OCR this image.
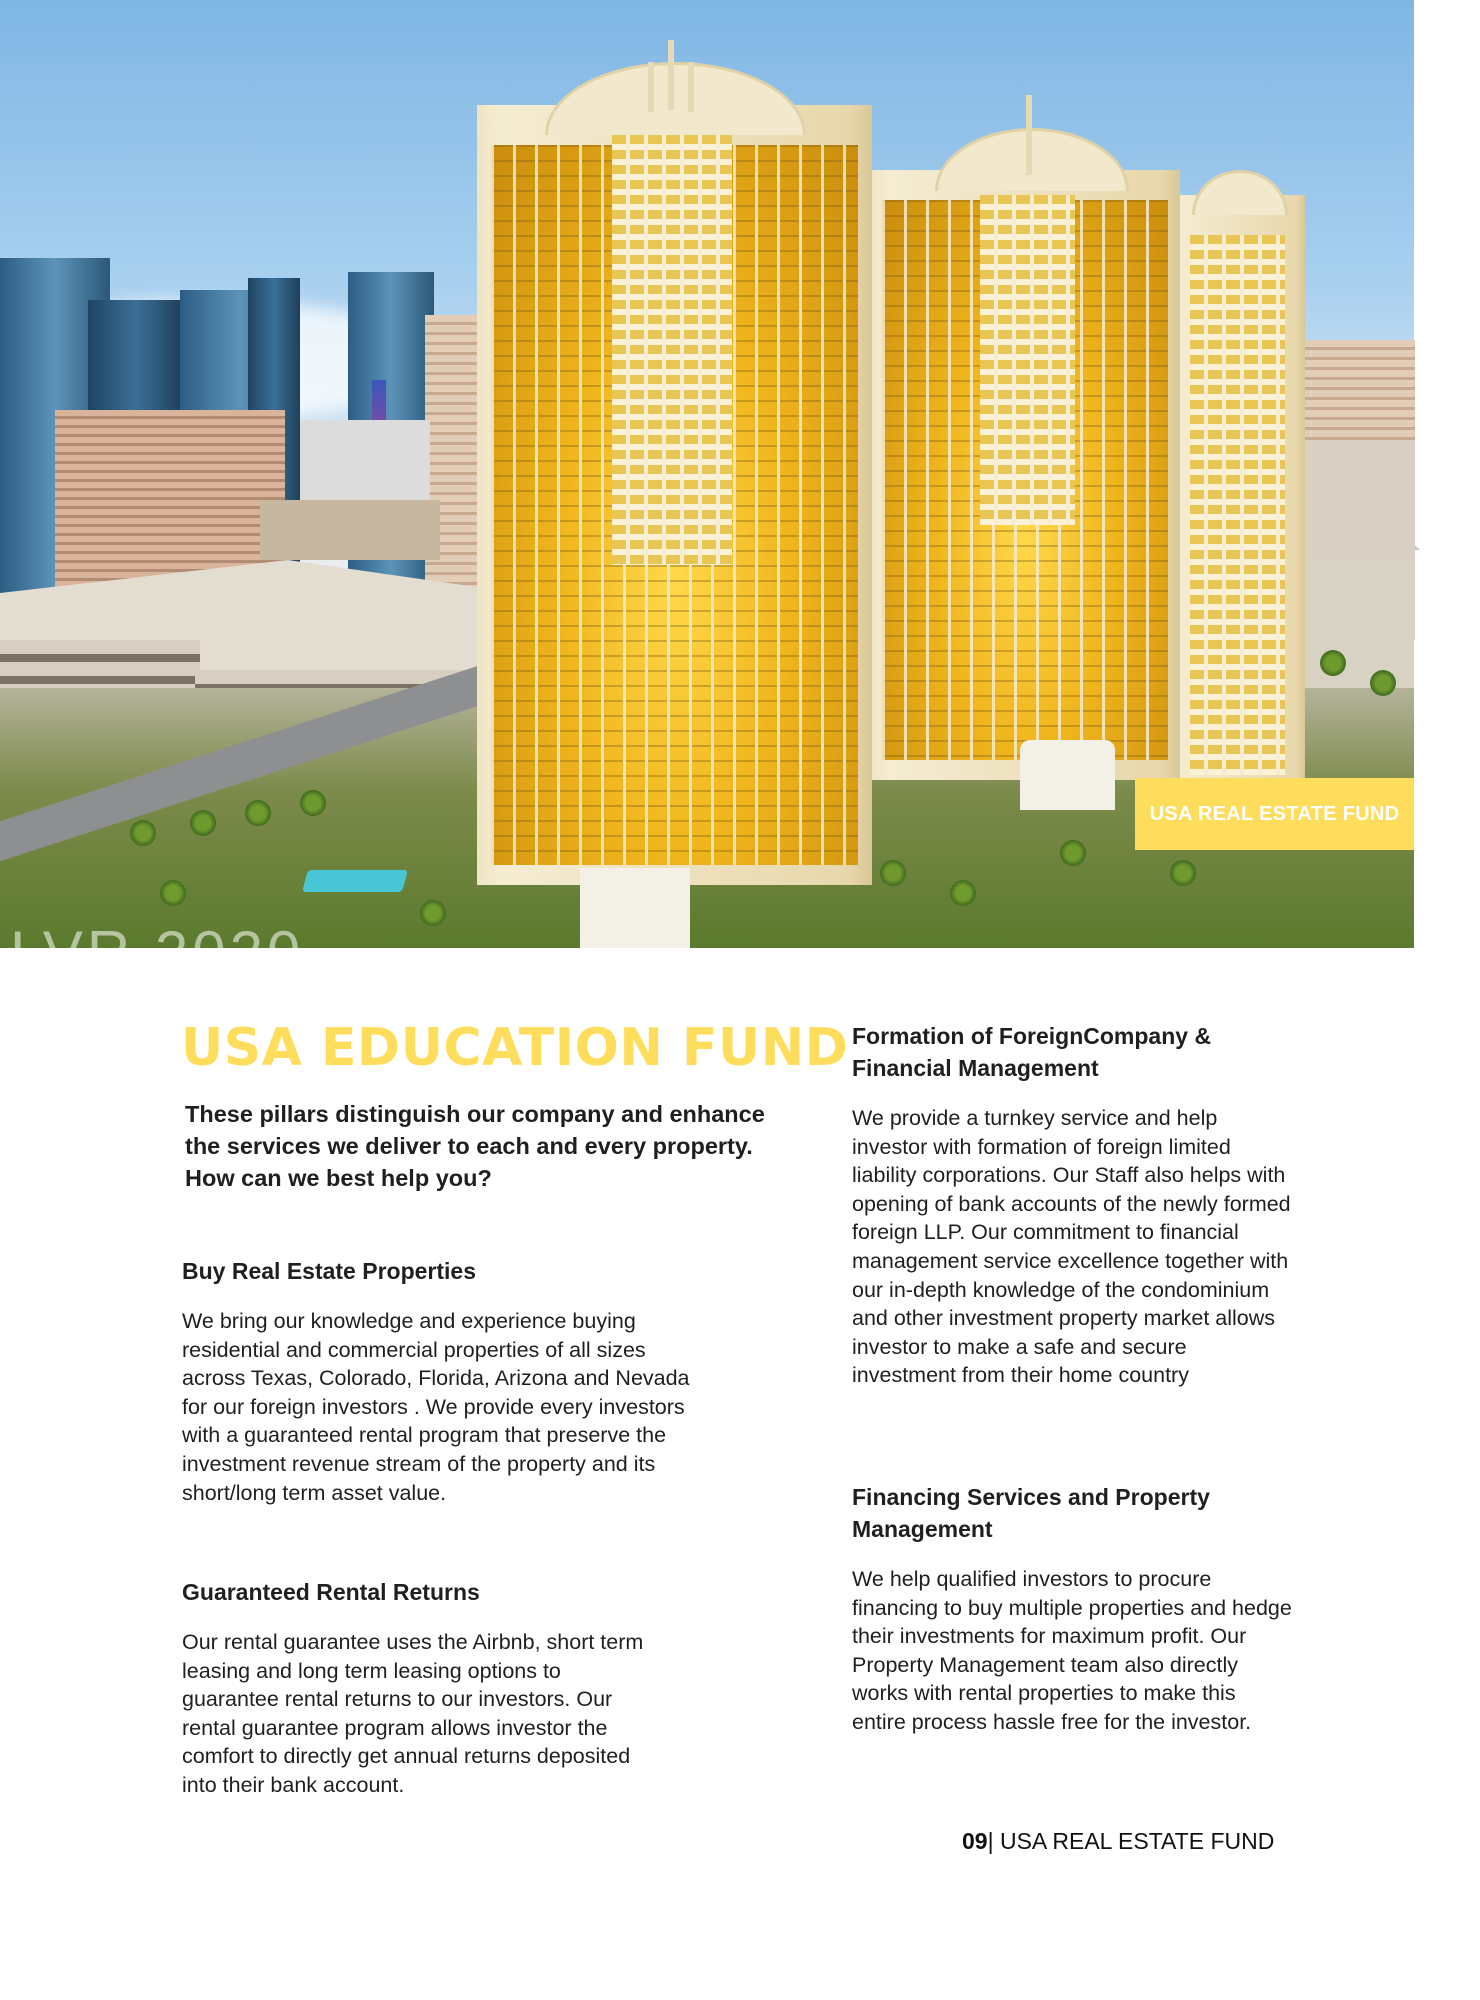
LVR 2020
USA REAL ESTATE FUND
USA EDUCATION FUND

These pillars distinguish our company and enhance the services we deliver to each and every property. How can we best help you?

Buy Real Estate Properties

We bring our knowledge and experience buying residential and commercial properties of all sizes across Texas, Colorado, Florida, Arizona and Nevada for our foreign investors . We provide every investors with a guaranteed rental program that preserve the investment revenue stream of the property and its short/long term asset value.

Guaranteed Rental Returns

Our rental guarantee uses the Airbnb, short term leasing and long term leasing options to guarantee rental returns to our investors. Our rental guarantee program allows investor the comfort to directly get annual returns deposited into their bank account.

Formation of ForeignCompany & Financial Management

We provide a turnkey service and help investor with formation of foreign limited liability corporations. Our Staff also helps with opening of bank accounts of the newly formed foreign LLP. Our commitment to financial management service excellence together with our in-depth knowledge of the condominium and other investment property market allows investor to make a safe and secure investment from their home country

Financing Services and Property Management

We help qualified investors to procure financing to buy multiple properties and hedge their investments for maximum profit. Our Property Management team also directly works with rental properties to make this entire process hassle free for the investor.

09| USA REAL ESTATE FUND
